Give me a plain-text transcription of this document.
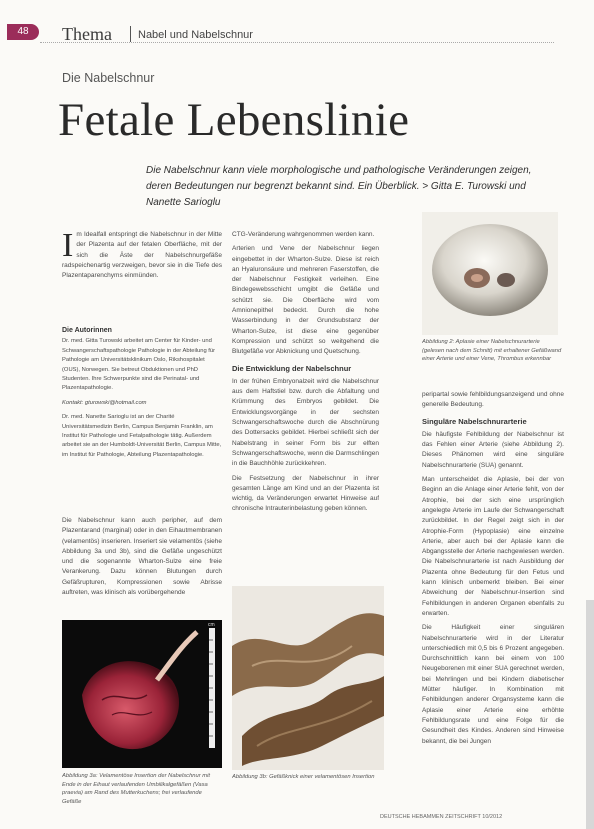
48	Thema Nabel und Nabelschnur
Die Nabelschnur
Fetale Lebenslinie
Die Nabelschnur kann viele morphologische und pathologische Veränderungen zeigen, deren Bedeutungen nur begrenzt bekannt sind. Ein Überblick. > Gitta E. Turowski und Nanette Sarioglu
I m Idealfall entspringt die Nabelschnur in der Mitte der Plazenta auf der fetalen Oberfläche, mit der sich die Äste der Nabelschnurgefäße radspeichenartig verzweigen, bevor sie in die Tiefe des Plazentaparenchyms einmünden.
Die Autorinnen

Dr. med. Gitta Turowski arbeitet am Center für Kinder- und Schwangerschaftspathologie Pathologie in der Abteilung für Pathologie am Universitätsklinikum Oslo, Rikshospitalet (OUS), Norwegen. Sie betreut Obduktionen und PhD Studenten. Ihre Schwerpunkte sind die Perinatal- und Plazentapathologie.

Kontakt: gturowski@hotmail.com

Dr. med. Nanette Sarioglu ist an der Charité Universitätsmedizin Berlin, Campus Benjamin Franklin, am Institut für Pathologie und Fetalpathologie tätig. Außerdem arbeitet sie an der Humboldt-Universität Berlin, Campus Mitte, im Institut für Pathologie, Abteilung Plazentapathologie.

Die Nabelschnur kann auch peripher, auf dem Plazentarand (marginal) oder in den Eihautmembranen (velamentös) inserieren. Inseriert sie velamentös (siehe Abbildung 3a und 3b), sind die Gefäße ungeschützt und die sogenannte Wharton-Sulze eine freie Verankerung. Dazu können Blutungen durch Gefäßrupturen, Kompressionen sowie Abrisse auftreten, was klinisch als vorübergehende

CTG-Veränderung wahrgenommen werden kann.

Arterien und Vene der Nabelschnur liegen eingebettet in der Wharton-Sulze. Diese ist reich an Hyaluronsäure und mehreren Faserstoffen, die der Nabelschnur Festigkeit verleihen. Eine Bindegewebsschicht umgibt die Gefäße und schützt sie. Die Oberfläche wird vom Amnionepithel bedeckt. Durch die hohe Wasserbindung in der Grundsubstanz der Wharton-Sulze, ist diese eine gegenüber Kompression und schützt so weitgehend die Blutgefäße vor Abknickung und Quetschung.

Die Entwicklung der Nabelschnur

In der frühen Embryonalzeit wird die Nabelschnur aus dem Haftstiel bzw. durch die Abfaltung und Krümmung des Embryos gebildet. Die Entwicklungsvorgänge in der sechsten Schwangerschaftswoche durch die Abschnürung des Dottersacks gebildet. Hierbei schließt sich der Nabelstrang in seiner Form bis zur elften Schwangerschaftswoche, wenn die Darmschlingen in die Bauchhöhle zurückkehren.

Die Festsetzung der Nabelschnur in ihrer gesamten Länge am Kind und an der Plazenta ist wichtig, da Veränderungen erwartet Hinweise auf chronische Intrauterinbelastung geben können.

Abbildung 2: Aplasie einer Nabelschnurarterie (gelesen nach dem Schnitt) mit erhaltener Gefäßwand einer Arterie und einer Vene, Thrombus erkennbar

peripartal sowie fehlbildungsanzeigend und ohne generelle Bedeutung.

Singuläre Nabelschnurarterie

Die häufigste Fehlbildung der Nabelschnur ist das Fehlen einer Arterie (siehe Abbildung 2). Dieses Phänomen wird eine singuläre Nabelschnurarterie (SUA) genannt.

Man unterscheidet die Aplasie, bei der von Beginn an die Anlage einer Arterie fehlt, von der Atrophie, bei der sich eine ursprünglich angelegte Arterie im Laufe der Schwangerschaft zurückbildet. In der Regel zeigt sich in der Atrophie-Form (Hypoplasie) eine einzelne Arterie, aber auch bei der Aplasie kann die Abgangsstelle der Arterie nachgewiesen werden. Die Nabelschnurarterie ist nach Ausbildung der Plazenta ohne Bedeutung für den Fetus und kann klinisch unbemerkt bleiben. Bei einer Abweichung der Nabelschnur-Insertion sind Fehlbildungen in anderen Organen ebenfalls zu erwarten.

Die Häufigkeit einer singulären Nabelschnurarterie wird in der Literatur unterschiedlich mit 0,5 bis 6 Prozent angegeben. Durchschnittlich kann bei einem von 100 Neugeborenen mit einer SUA gerechnet werden, bei Mehrlingen und bei Kindern diabetischer Mütter häufiger. In Kombination mit Fehlbildungen anderer Organsysteme kann die Aplasie einer Arterie eine erhöhte Fehlbildungsrate und eine Folge für die Gesundheit des Kindes. Anderen sind Hinweise bekannt, die bei Jungen

cm
Abbildung 3a: Velamentöse Insertion der Nabelschnur mit Ende in der Eihaut verlaufenden Umbilikalgefäßen (Vasa praevia) am Rand des Mutterkuchens; frei verlaufende Gefäße
Abbildung 3b: Gefäßknick einer velamentösen Insertion
DEUTSCHE HEBAMMEN ZEITSCHRIFT 10/2012
